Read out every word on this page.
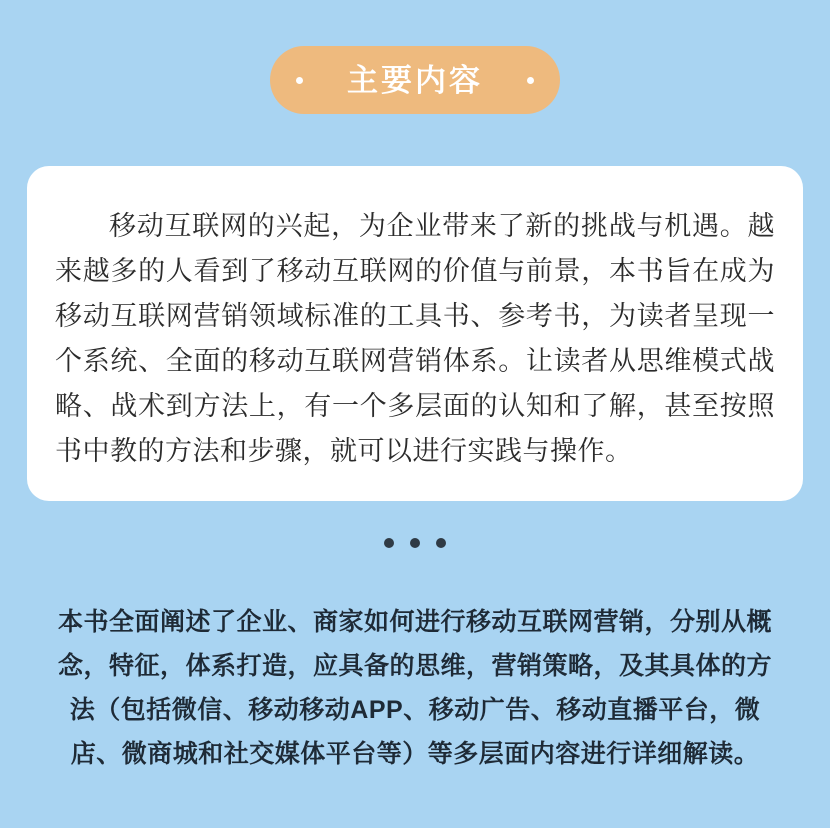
主要内容

移动互联网的兴起，为企业带来了新的挑战与机遇。越来越多的人看到了移动互联网的价值与前景，本书旨在成为移动互联网营销领域标准的工具书、参考书，为读者呈现一个系统、全面的移动互联网营销体系。让读者从思维模式战略、战术到方法上，有一个多层面的认知和了解，甚至按照书中教的方法和步骤，就可以进行实践与操作。

本书全面阐述了企业、商家如何进行移动互联网营销，分别从概念，特征，体系打造，应具备的思维，营销策略，及其具体的方法（包括微信、移动移动APP、移动广告、移动直播平台，微店、微商城和社交媒体平台等）等多层面内容进行详细解读。
